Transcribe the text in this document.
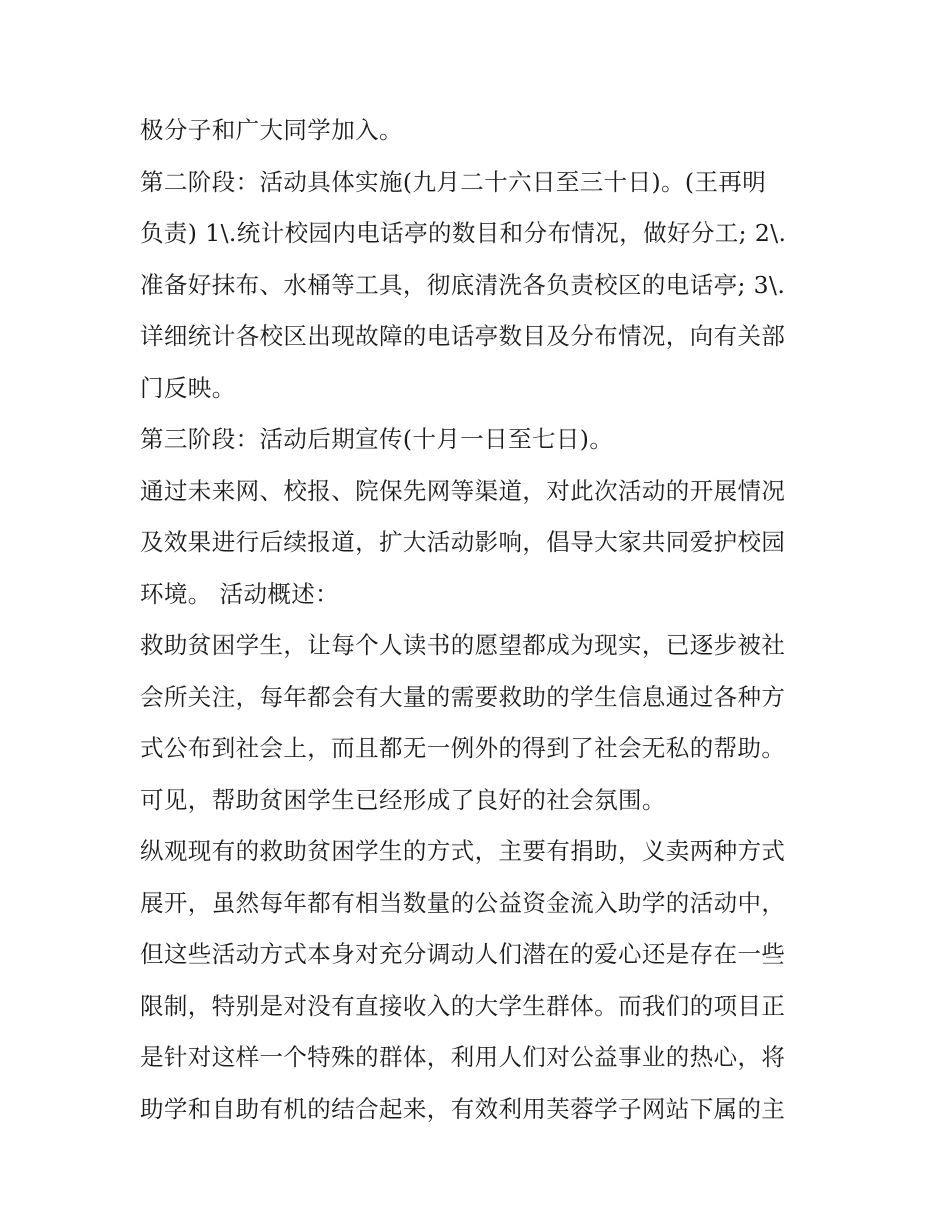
极分子和广大同学加入。
第二阶段：活动具体实施(九月二十六日至三十日)。(王再明
负责) 1\.统计校园内电话亭的数目和分布情况，做好分工; 2\.
准备好抹布、水桶等工具，彻底清洗各负责校区的电话亭; 3\.
详细统计各校区出现故障的电话亭数目及分布情况，向有关部
门反映。
第三阶段：活动后期宣传(十月一日至七日)。
通过未来网、校报、院保先网等渠道，对此次活动的开展情况
及效果进行后续报道，扩大活动影响，倡导大家共同爱护校园
环境。 活动概述：
救助贫困学生，让每个人读书的愿望都成为现实，已逐步被社
会所关注，每年都会有大量的需要救助的学生信息通过各种方
式公布到社会上，而且都无一例外的得到了社会无私的帮助。
可见，帮助贫困学生已经形成了良好的社会氛围。
纵观现有的救助贫困学生的方式，主要有捐助，义卖两种方式
展开，虽然每年都有相当数量的公益资金流入助学的活动中，
但这些活动方式本身对充分调动人们潜在的爱心还是存在一些
限制，特别是对没有直接收入的大学生群体。而我们的项目正
是针对这样一个特殊的群体，利用人们对公益事业的热心，将
助学和自助有机的结合起来，有效利用芙蓉学子网站下属的主
